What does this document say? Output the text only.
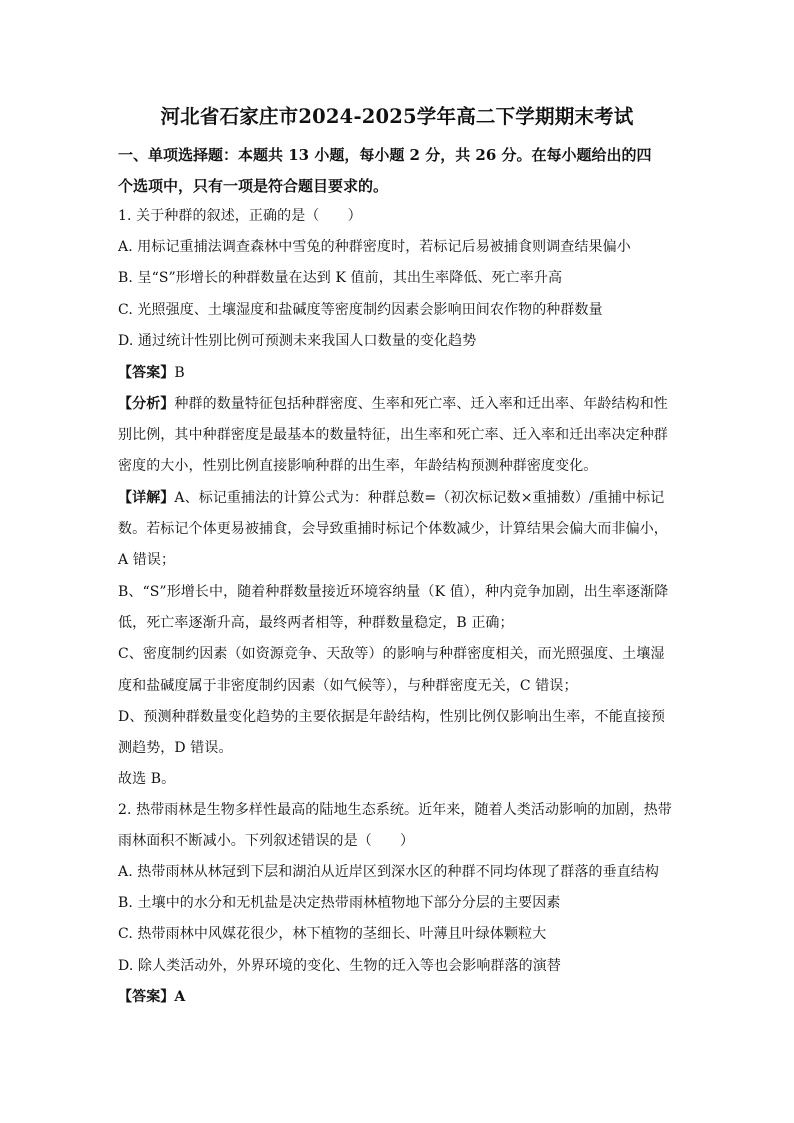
河北省石家庄市2024-2025学年高二下学期期末考试
一、单项选择题：本题共 13 小题，每小题 2 分，共 26 分。在每小题给出的四
个选项中，只有一项是符合题目要求的。
1. 关于种群的叙述，正确的是（　　）
A. 用标记重捕法调查森林中雪兔的种群密度时，若标记后易被捕食则调查结果偏小
B. 呈“S”形增长的种群数量在达到 K 值前，其出生率降低、死亡率升高
C. 光照强度、土壤湿度和盐碱度等密度制约因素会影响田间农作物的种群数量
D. 通过统计性别比例可预测未来我国人口数量的变化趋势
【答案】B
【分析】种群的数量特征包括种群密度、生率和死亡率、迁入率和迁出率、年龄结构和性
别比例，其中种群密度是最基本的数量特征，出生率和死亡率、迁入率和迁出率决定种群
密度的大小，性别比例直接影响种群的出生率，年龄结构预测种群密度变化。
【详解】A、标记重捕法的计算公式为：种群总数=（初次标记数×重捕数）/重捕中标记
数。若标记个体更易被捕食，会导致重捕时标记个体数减少，计算结果会偏大而非偏小，
A 错误；
B、“S”形增长中，随着种群数量接近环境容纳量（K 值），种内竞争加剧，出生率逐渐降
低，死亡率逐渐升高，最终两者相等，种群数量稳定，B 正确；
C、密度制约因素（如资源竞争、天敌等）的影响与种群密度相关，而光照强度、土壤湿
度和盐碱度属于非密度制约因素（如气候等），与种群密度无关，C 错误；
D、预测种群数量变化趋势的主要依据是年龄结构，性别比例仅影响出生率，不能直接预
测趋势，D 错误。
故选 B。
2. 热带雨林是生物多样性最高的陆地生态系统。近年来，随着人类活动影响的加剧，热带
雨林面积不断减小。下列叙述错误的是（　　）
A. 热带雨林从林冠到下层和湖泊从近岸区到深水区的种群不同均体现了群落的垂直结构
B. 土壤中的水分和无机盐是决定热带雨林植物地下部分分层的主要因素
C. 热带雨林中风媒花很少，林下植物的茎细长、叶薄且叶绿体颗粒大
D. 除人类活动外，外界环境的变化、生物的迁入等也会影响群落的演替
【答案】A
